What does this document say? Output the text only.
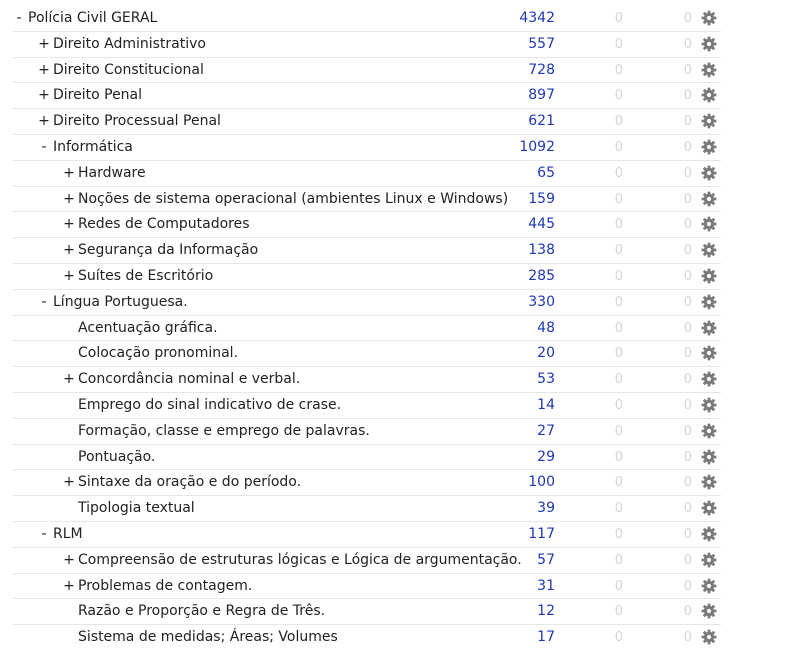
- Polícia Civil GERAL	4342	0	0
+ Direito Administrativo	557	0	0
+ Direito Constitucional	728	0	0
+ Direito Penal	897	0	0
+ Direito Processual Penal	621	0	0
- Informática	1092	0	0
+ Hardware	65	0	0
+ Noções de sistema operacional (ambientes Linux e Windows)	159	0	0
+ Redes de Computadores	445	0	0
+ Segurança da Informação	138	0	0
+ Suítes de Escritório	285	0	0
- Língua Portuguesa.	330	0	0
Acentuação gráfica.	48	0	0
Colocação pronominal.	20	0	0
+ Concordância nominal e verbal.	53	0	0
Emprego do sinal indicativo de crase.	14	0	0
Formação, classe e emprego de palavras.	27	0	0
Pontuação.	29	0	0
+ Sintaxe da oração e do período.	100	0	0
Tipologia textual	39	0	0
- RLM	117	0	0
+ Compreensão de estruturas lógicas e Lógica de argumentação.	57	0	0
+ Problemas de contagem.	31	0	0
Razão e Proporção e Regra de Três.	12	0	0
Sistema de medidas; Áreas; Volumes	17	0	0
